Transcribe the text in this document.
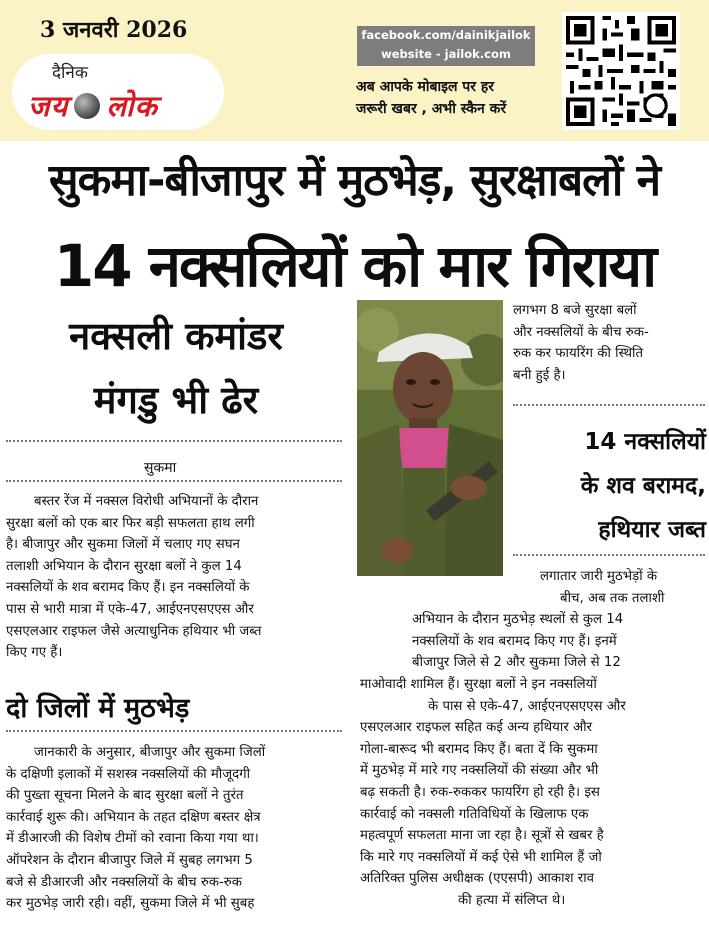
3 जनवरी 2026
दैनिक
जय लोक
facebook.com/dainikjailok
website - jailok.com
अब आपके मोबाइल पर हर
जरूरी खबर , अभी स्कैन करें
सुकमा-बीजापुर में मुठभेड़, सुरक्षाबलों ने
14 नक्सलियों को मार गिराया
नक्सली कमांडर
मंगडु भी ढेर
सुकमा
बस्तर रेंज में नक्सल विरोधी अभियानों के दौरान
सुरक्षा बलों को एक बार फिर बड़ी सफलता हाथ लगी
है। बीजापुर और सुकमा जिलों में चलाए गए सघन
तलाशी अभियान के दौरान सुरक्षा बलों ने कुल 14
नक्सलियों के शव बरामद किए हैं। इन नक्सलियों के
पास से भारी मात्रा में एके-47, आईएनएसएएस और
एसएलआर राइफल जैसे अत्याधुनिक हथियार भी जब्त
किए गए हैं।
दो जिलों में मुठभेड़
जानकारी के अनुसार, बीजापुर और सुकमा जिलों
के दक्षिणी इलाकों में सशस्त्र नक्सलियों की मौजूदगी
की पुख्ता सूचना मिलने के बाद सुरक्षा बलों ने तुरंत
कार्रवाई शुरू की। अभियान के तहत दक्षिण बस्तर क्षेत्र
में डीआरजी की विशेष टीमों को रवाना किया गया था।
ऑपरेशन के दौरान बीजापुर जिले में सुबह लगभग 5
बजे से डीआरजी और नक्सलियों के बीच रुक-रुक
कर मुठभेड़ जारी रही। वहीं, सुकमा जिले में भी सुबह
लगभग 8 बजे सुरक्षा बलों
और नक्सलियों के बीच रुक-
रुक कर फायरिंग की स्थिति
बनी हुई है।
14 नक्सलियों
के शव बरामद,
हथियार जब्त
लगातार जारी मुठभेड़ों के
बीच, अब तक तलाशी
अभियान के दौरान मुठभेड़ स्थलों से कुल 14
नक्सलियों के शव बरामद किए गए हैं। इनमें
बीजापुर जिले से 2 और सुकमा जिले से 12
माओवादी शामिल हैं। सुरक्षा बलों ने इन नक्सलियों
के पास से एके-47, आईएनएसएएस और
एसएलआर राइफल सहित कई अन्य हथियार और
गोला-बारूद भी बरामद किए हैं। बता दें कि सुकमा
में मुठभेड़ में मारे गए नक्सलियों की संख्या और भी
बढ़ सकती है। रुक-रुककर फायरिंग हो रही है। इस
कार्रवाई को नक्सली गतिविधियों के खिलाफ एक
महत्वपूर्ण सफलता माना जा रहा है। सूत्रों से खबर है
कि मारे गए नक्सलियों में कई ऐसे भी शामिल हैं जो
अतिरिक्त पुलिस अधीक्षक (एएसपी) आकाश राव
की हत्या में संलिप्त थे।
